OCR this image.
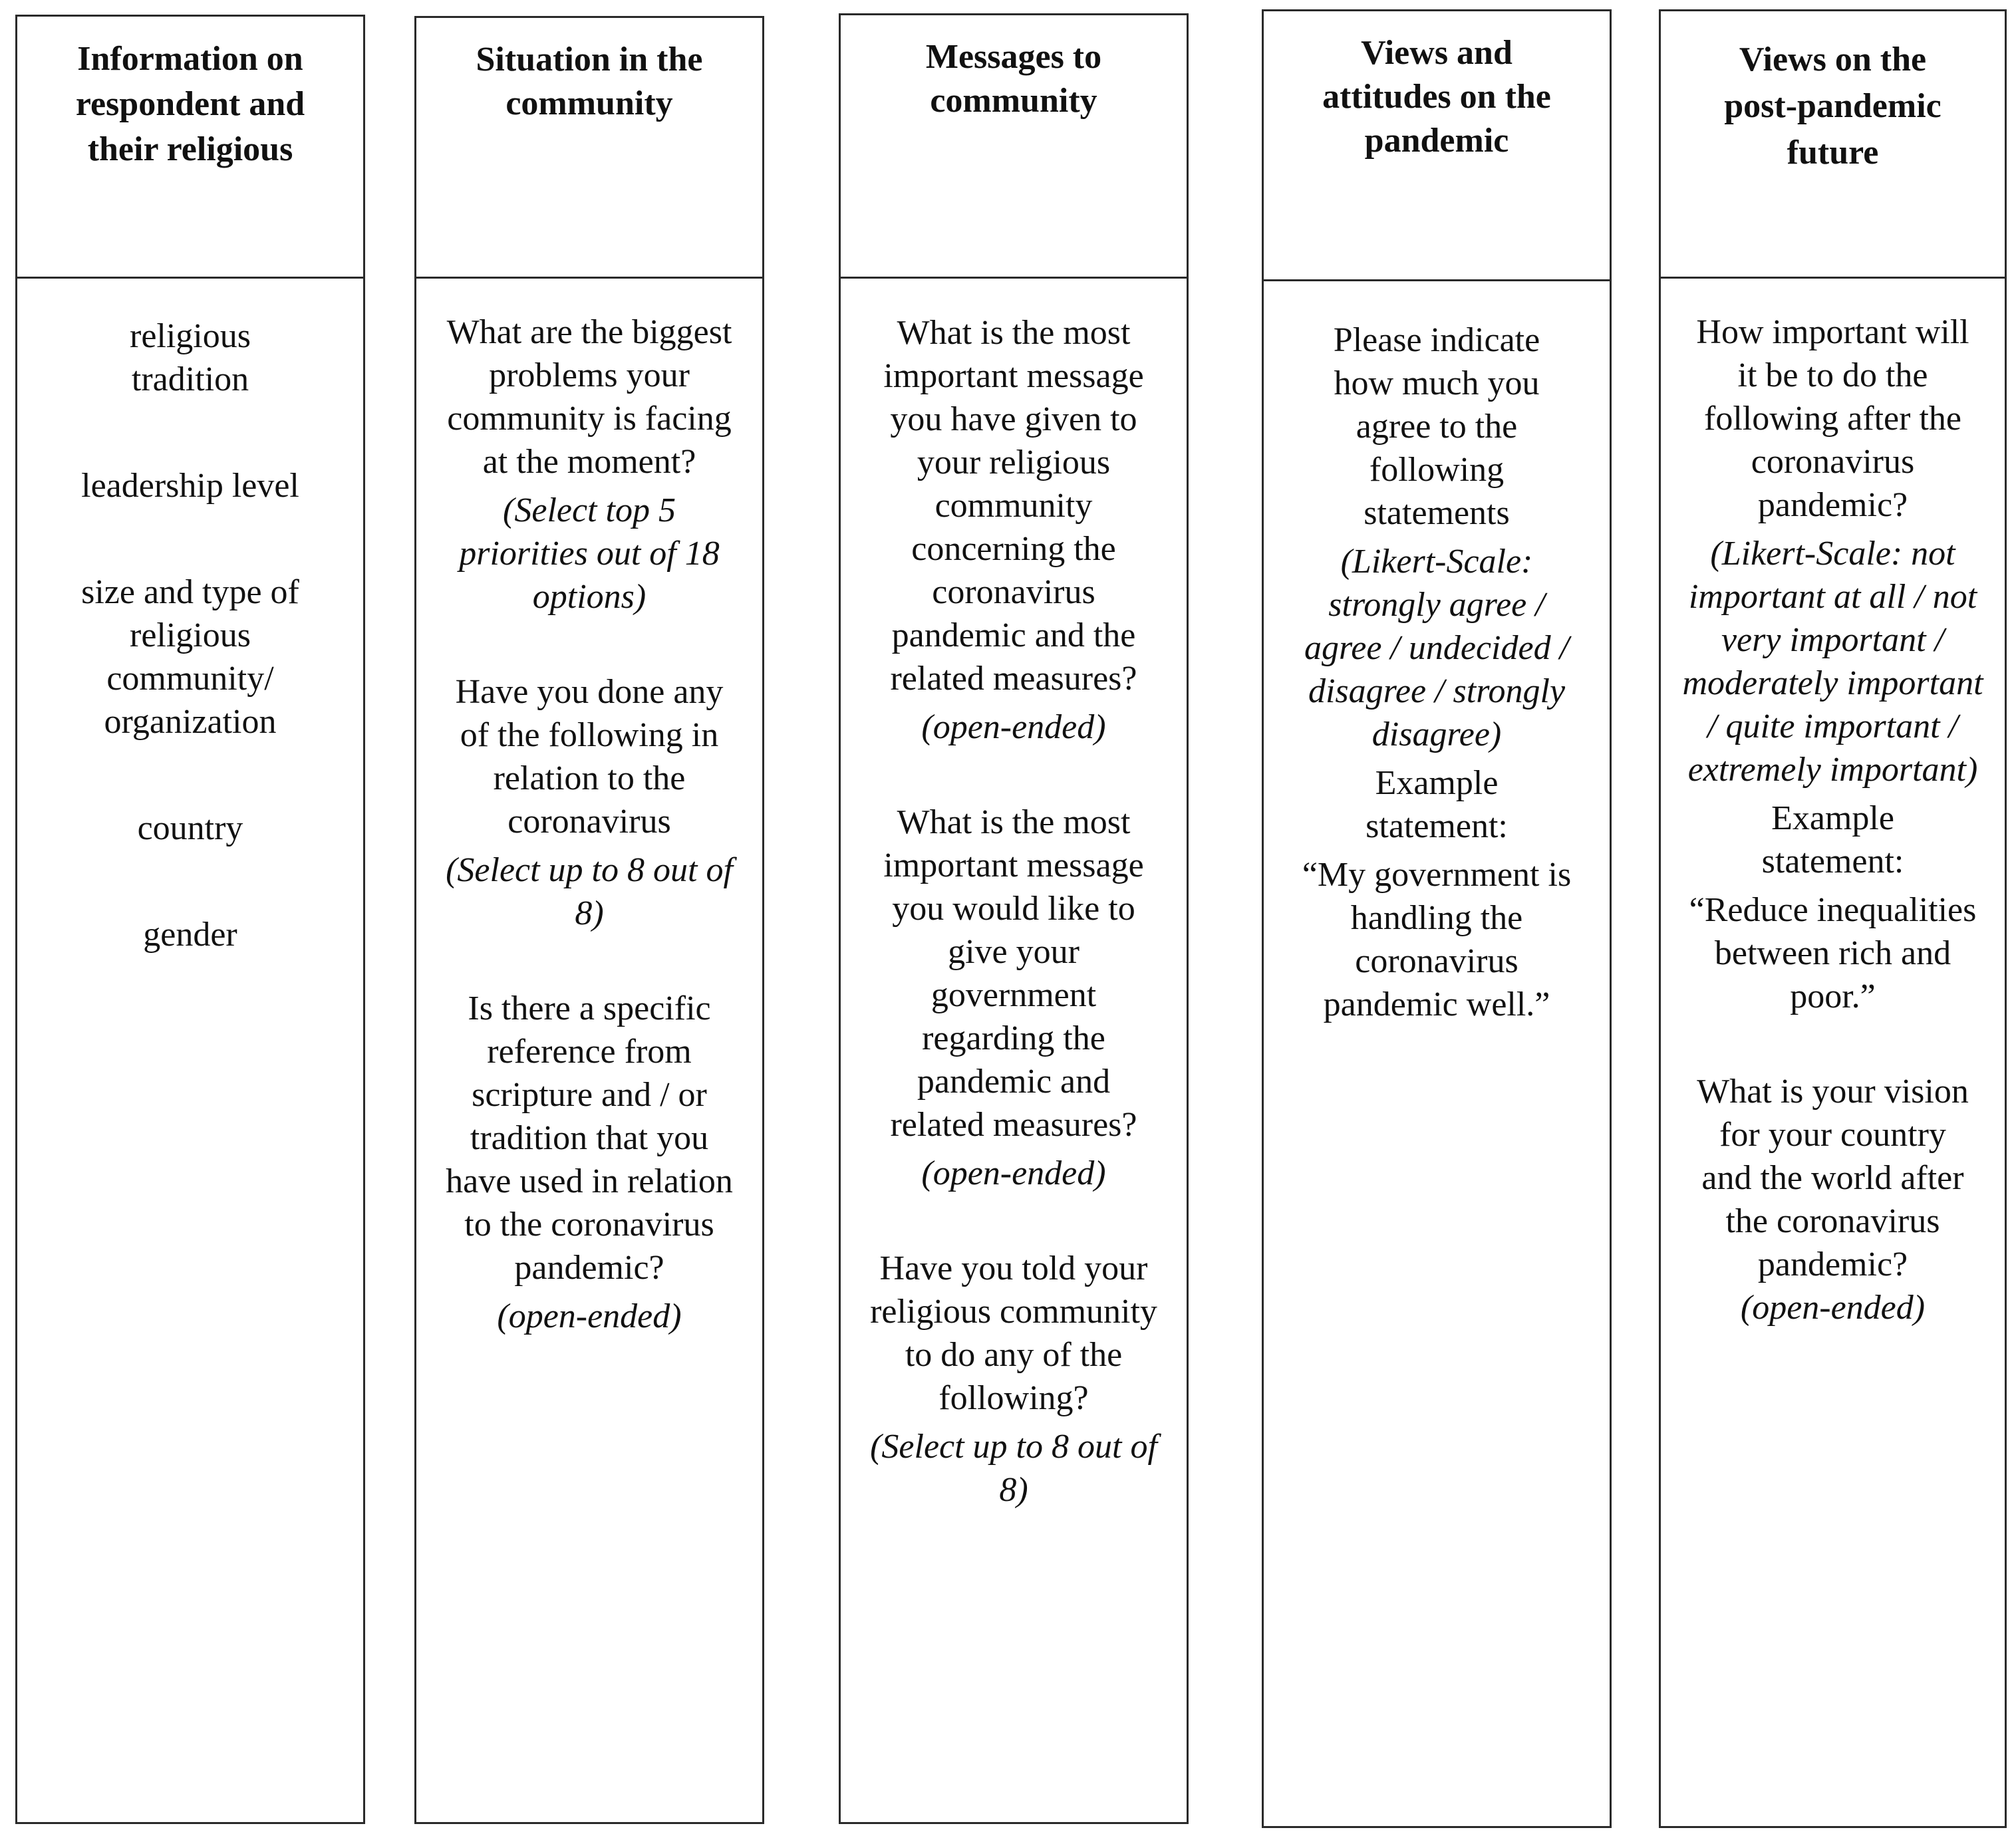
Information on respondent and their religious

religious tradition

leadership level

size and type of religious community/ organization

country

gender

Situation in the community

What are the biggest problems your community is facing at the moment?

(Select top 5 priorities out of 18 options)

Have you done any of the following in relation to the coronavirus

(Select up to 8 out of 8)

Is there a specific reference from scripture and / or tradition that you have used in relation to the coronavirus pandemic?

(open-ended)

Messages to community

What is the most important message you have given to your religious community concerning the coronavirus pandemic and the related measures?

(open-ended)

What is the most important message you would like to give your government regarding the pandemic and related measures?

(open-ended)

Have you told your religious community to do any of the following?

(Select up to 8 out of 8)

Views and attitudes on the pandemic

Please indicate how much you agree to the following statements

(Likert-Scale: strongly agree / agree / undecided / disagree / strongly disagree)

Example statement:

“My government is handling the coronavirus pandemic well.”

Views on the post-pandemic future

How important will it be to do the following after the coronavirus pandemic?

(Likert-Scale: not important at all / not very important / moderately important / quite important / extremely important)

Example statement:

“Reduce inequalities between rich and poor.”

What is your vision for your country and the world after the coronavirus pandemic?

(open-ended)
